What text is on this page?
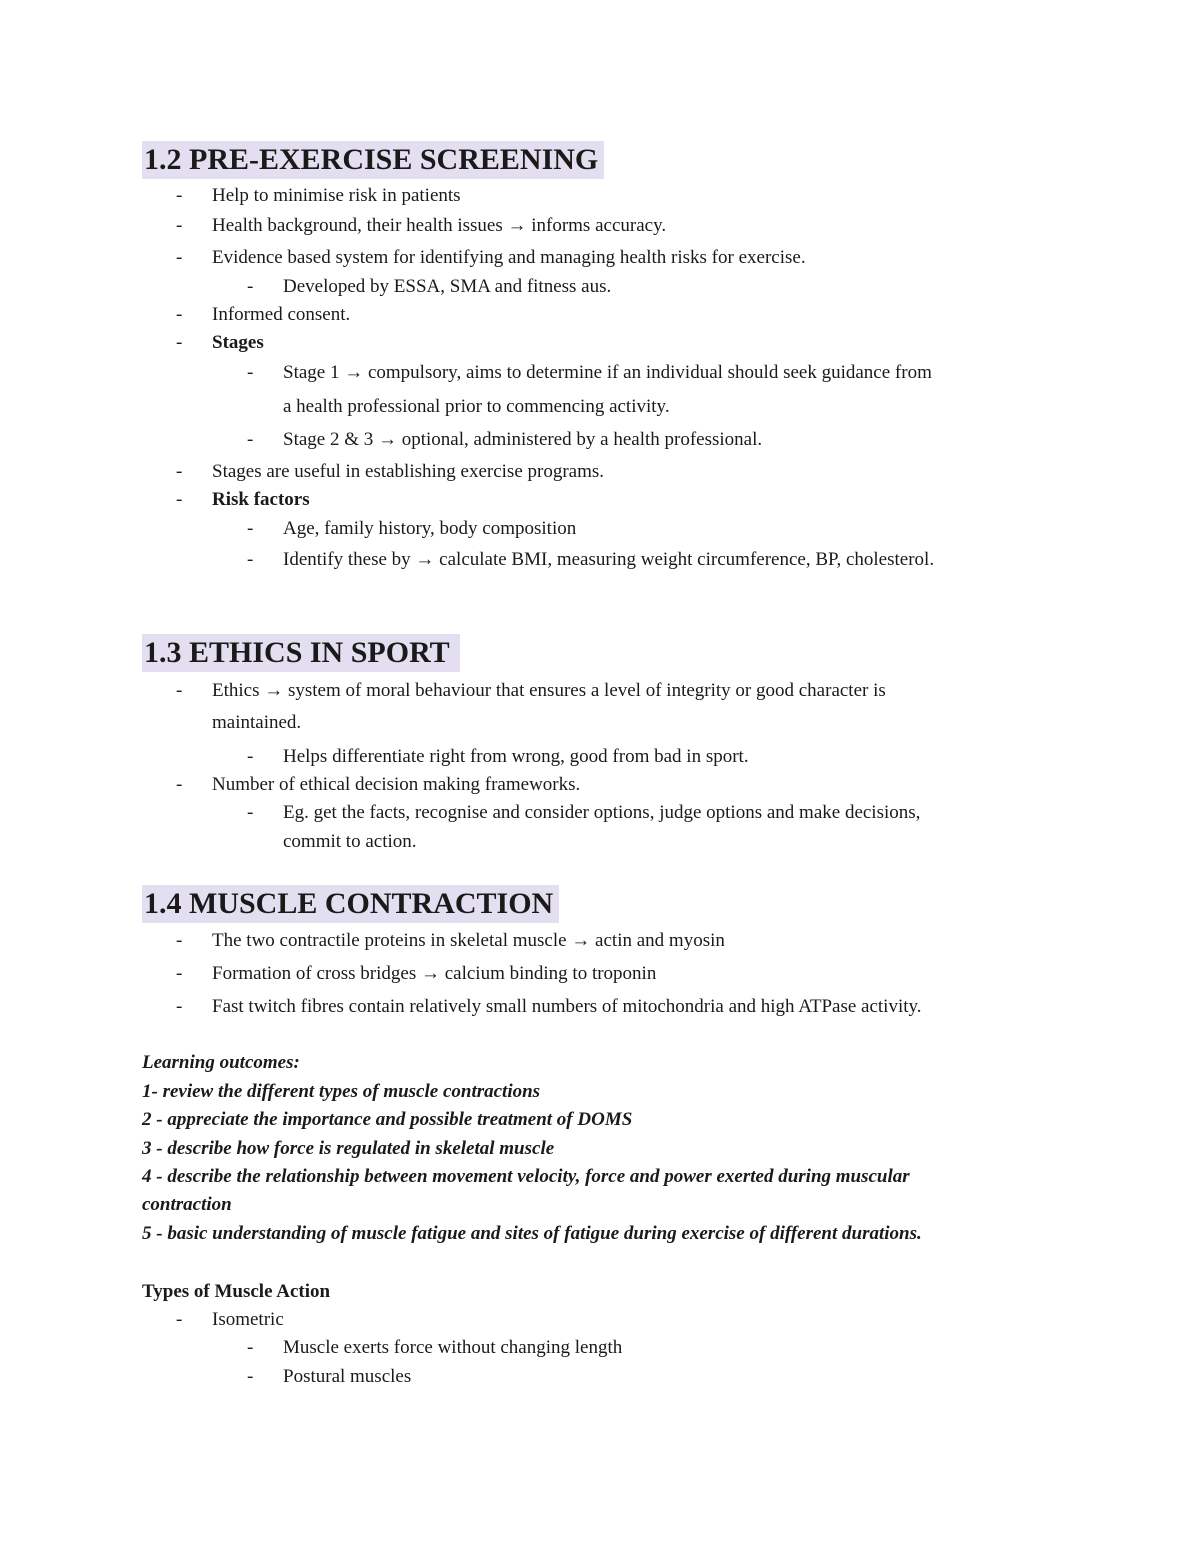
1.2 PRE-EXERCISE SCREENING
- Help to minimise risk in patients
- Health background, their health issues → informs accuracy.
- Evidence based system for identifying and managing health risks for exercise.
- Developed by ESSA, SMA and fitness aus.
- Informed consent.
- Stages
- Stage 1 → compulsory, aims to determine if an individual should seek guidance from
a health professional prior to commencing activity.
- Stage 2 & 3 → optional, administered by a health professional.
- Stages are useful in establishing exercise programs.
- Risk factors
- Age, family history, body composition
- Identify these by → calculate BMI, measuring weight circumference, BP, cholesterol.
1.3 ETHICS IN SPORT
- Ethics → system of moral behaviour that ensures a level of integrity or good character is
maintained.
- Helps differentiate right from wrong, good from bad in sport.
- Number of ethical decision making frameworks.
- Eg. get the facts, recognise and consider options, judge options and make decisions,
commit to action.
1.4 MUSCLE CONTRACTION
- The two contractile proteins in skeletal muscle → actin and myosin
- Formation of cross bridges → calcium binding to troponin
- Fast twitch fibres contain relatively small numbers of mitochondria and high ATPase activity.
Learning outcomes:
1- review the different types of muscle contractions
2 - appreciate the importance and possible treatment of DOMS
3 - describe how force is regulated in skeletal muscle
4 - describe the relationship between movement velocity, force and power exerted during muscular
contraction
5 - basic understanding of muscle fatigue and sites of fatigue during exercise of different durations.
Types of Muscle Action
- Isometric
- Muscle exerts force without changing length
- Postural muscles
